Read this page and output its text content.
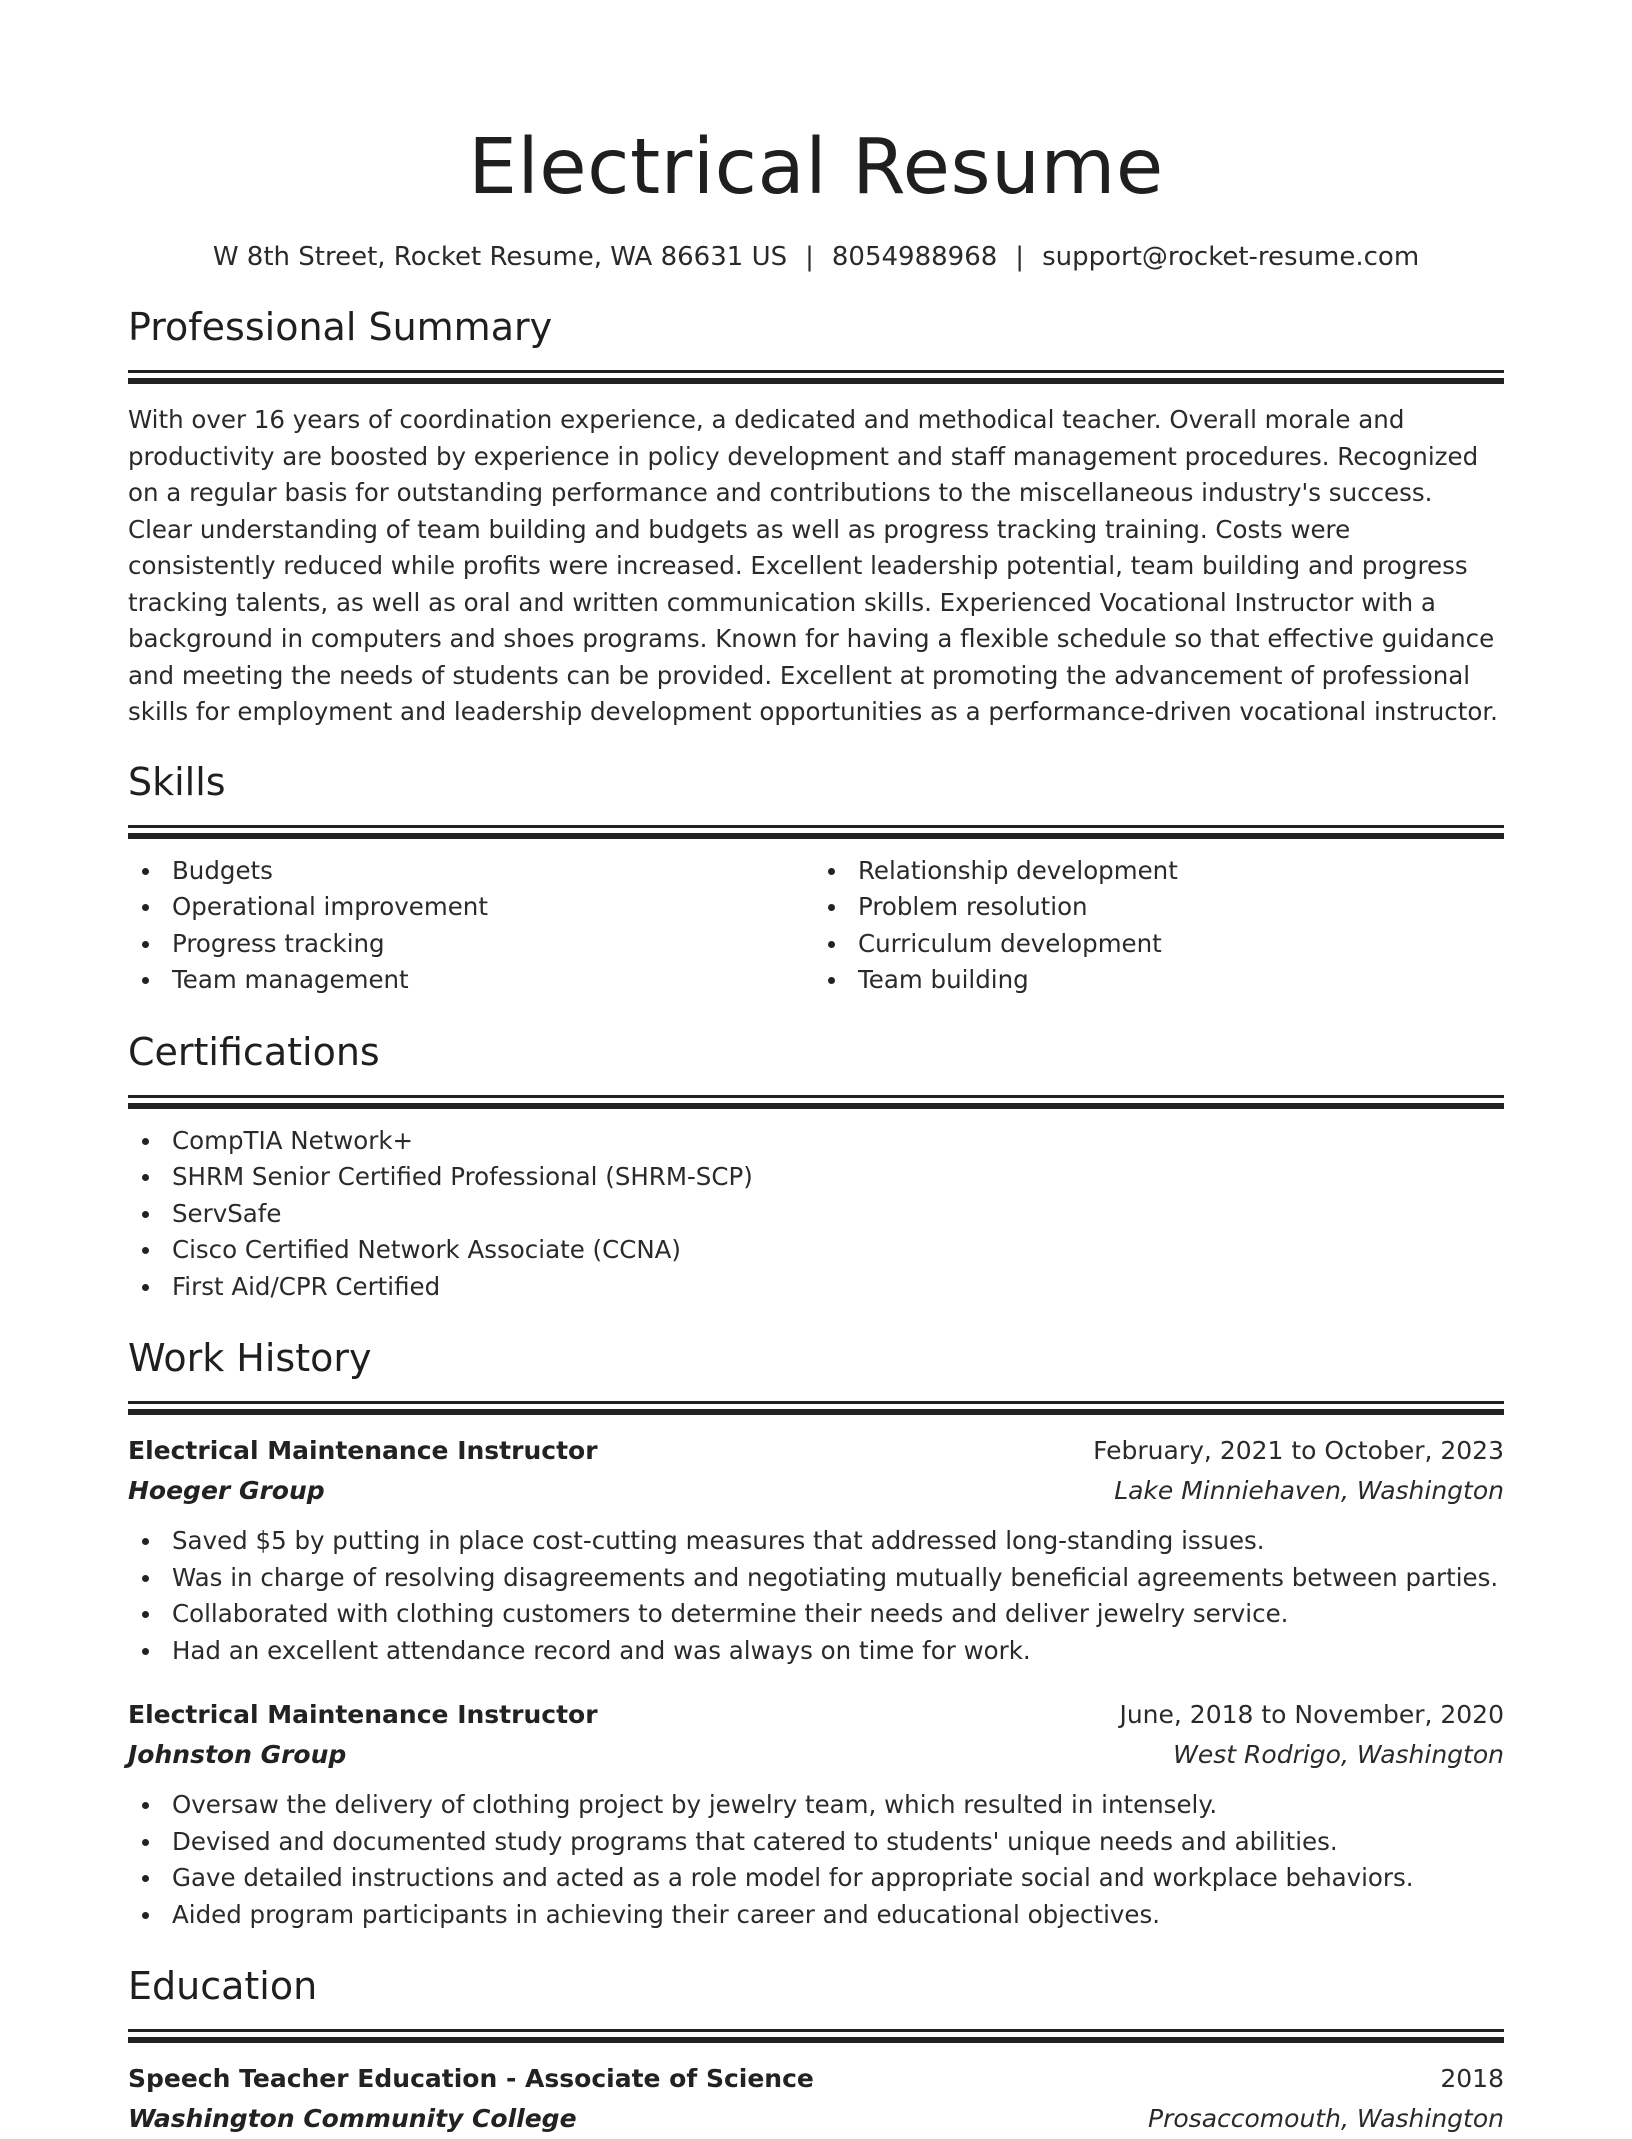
Electrical Resume
W 8th Street, Rocket Resume, WA 86631 US | 8054988968 | support@rocket-resume.com
Professional Summary

With over 16 years of coordination experience, a dedicated and methodical teacher. Overall morale and productivity are boosted by experience in policy development and staff management procedures. Recognized on a regular basis for outstanding performance and contributions to the miscellaneous industry's success. Clear understanding of team building and budgets as well as progress tracking training. Costs were consistently reduced while profits were increased. Excellent leadership potential, team building and progress tracking talents, as well as oral and written communication skills. Experienced Vocational Instructor with a background in computers and shoes programs. Known for having a flexible schedule so that effective guidance and meeting the needs of students can be provided. Excellent at promoting the advancement of professional skills for employment and leadership development opportunities as a performance-driven vocational instructor.

Skills
Budgets
Operational improvement
Progress tracking
Team management
Relationship development
Problem resolution
Curriculum development
Team building
Certifications
CompTIA Network+
SHRM Senior Certified Professional (SHRM-SCP)
ServSafe
Cisco Certified Network Associate (CCNA)
First Aid/CPR Certified
Work History
Electrical Maintenance Instructor	February, 2021 to October, 2023
Hoeger Group	Lake Minniehaven, Washington
Saved $5 by putting in place cost-cutting measures that addressed long-standing issues.
Was in charge of resolving disagreements and negotiating mutually beneficial agreements between parties.
Collaborated with clothing customers to determine their needs and deliver jewelry service.
Had an excellent attendance record and was always on time for work.
Electrical Maintenance Instructor	June, 2018 to November, 2020
Johnston Group	West Rodrigo, Washington
Oversaw the delivery of clothing project by jewelry team, which resulted in intensely.
Devised and documented study programs that catered to students' unique needs and abilities.
Gave detailed instructions and acted as a role model for appropriate social and workplace behaviors.
Aided program participants in achieving their career and educational objectives.
Education
Speech Teacher Education - Associate of Science	2018
Washington Community College	Prosaccomouth, Washington
